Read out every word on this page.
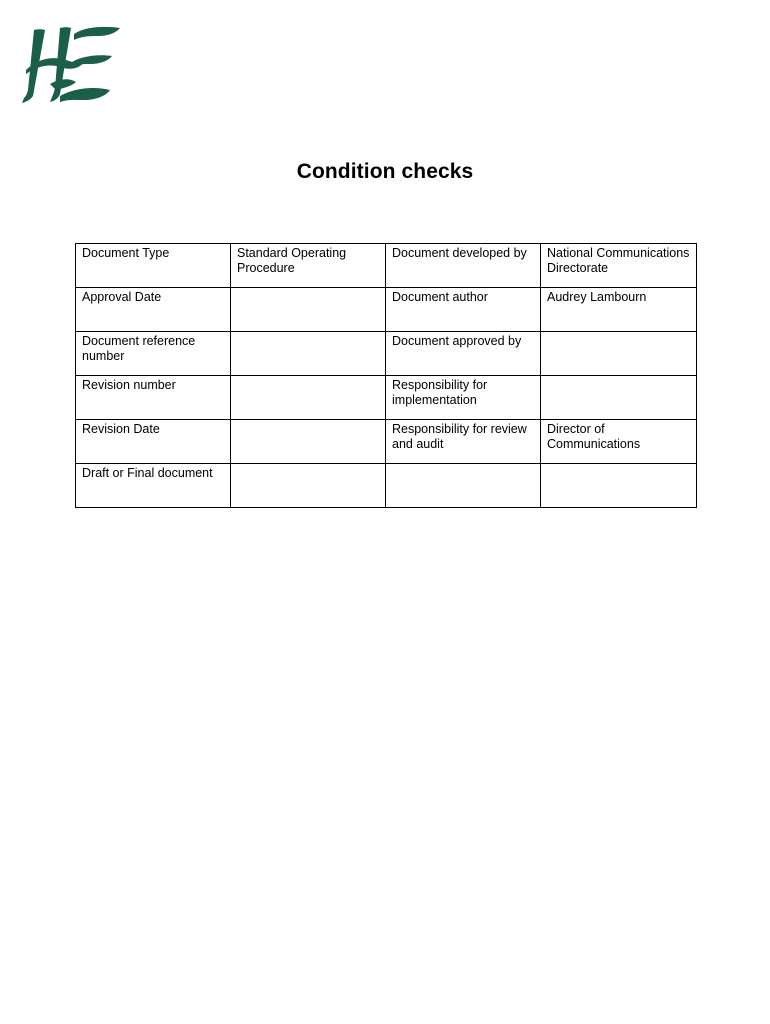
Condition checks
Document Type	Standard Operating Procedure	Document developed by	National Communications Directorate
Approval Date		Document author	Audrey Lambourn
Document reference number		Document approved by	
Revision number		Responsibility for implementation	
Revision Date		Responsibility for review and audit	Director of Communications
Draft or Final document			
